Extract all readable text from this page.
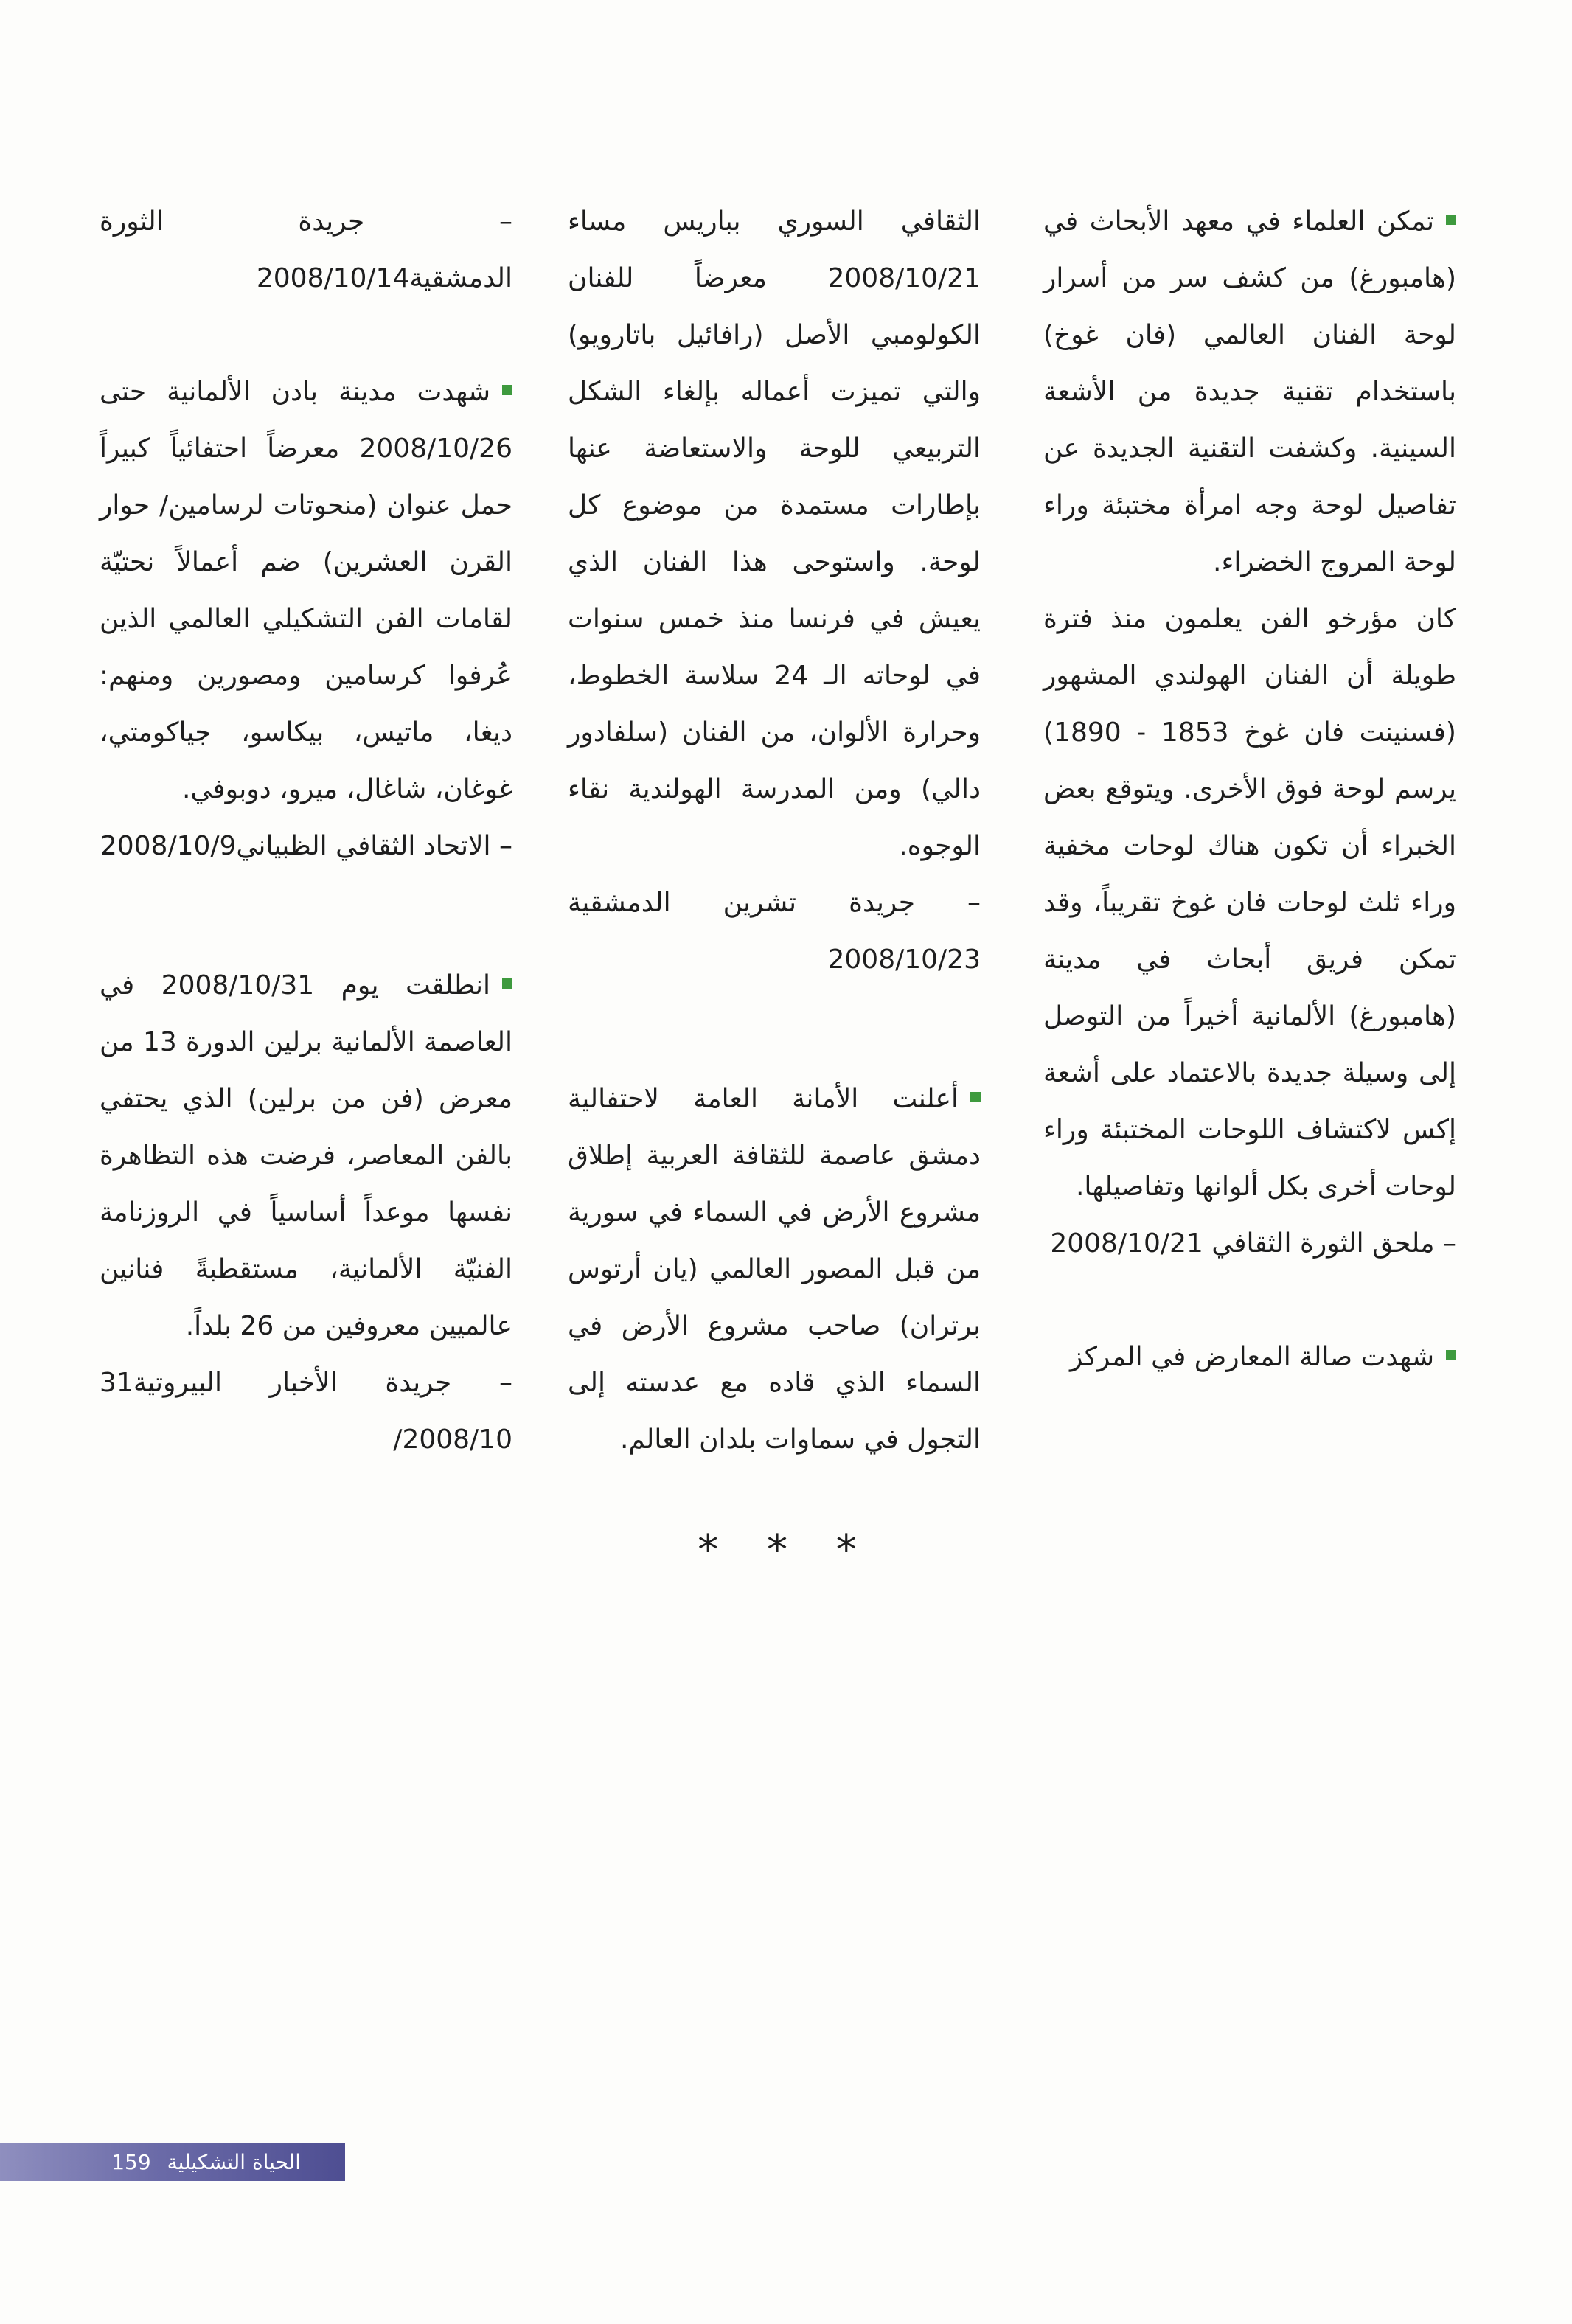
تمكن العلماء في معهد الأبحاث في (هامبورغ) من كشف سر من أسرار لوحة الفنان العالمي (فان غوخ) باستخدام تقنية جديدة من الأشعة السينية. وكشفت التقنية الجديدة عن تفاصيل لوحة وجه امرأة مختبئة وراء لوحة المروج الخضراء.

كان مؤرخو الفن يعلمون منذ فترة طويلة أن الفنان الهولندي المشهور (فسنينت فان غوخ 1853 - 1890) يرسم لوحة فوق الأخرى. ويتوقع بعض الخبراء أن تكون هناك لوحات مخفية وراء ثلث لوحات فان غوخ تقريباً، وقد تمكن فريق أبحاث في مدينة (هامبورغ) الألمانية أخيراً من التوصل إلى وسيلة جديدة بالاعتماد على أشعة إكس لاكتشاف اللوحات المختبئة وراء لوحات أخرى بكل ألوانها وتفاصيلها.

– ملحق الثورة الثقافي 2008/10/21

شهدت صالة المعارض في المركز

الثقافي السوري بباريس مساء 2008/10/21 معرضاً للفنان الكولومبي الأصل (رافائيل باتارويو) والتي تميزت أعماله بإلغاء الشكل التربيعي للوحة والاستعاضة عنها بإطارات مستمدة من موضوع كل لوحة. واستوحى هذا الفنان الذي يعيش في فرنسا منذ خمس سنوات في لوحاته الـ 24 سلاسة الخطوط، وحرارة الألوان، من الفنان (سلفادور دالي) ومن المدرسة الهولندية نقاء الوجوه.

– جريدة تشرين الدمشقية 2008/10/23

أعلنت الأمانة العامة لاحتفالية دمشق عاصمة للثقافة العربية إطلاق مشروع الأرض في السماء في سورية من قبل المصور العالمي (يان أرتوس برتران) صاحب مشروع الأرض في السماء الذي قاده مع عدسته إلى التجول في سماوات بلدان العالم.

– جريدة الثورة الدمشقية2008/10/14

شهدت مدينة بادن الألمانية حتى 2008/10/26 معرضاً احتفائياً كبيراً حمل عنوان (منحوتات لرسامين/ حوار القرن العشرين) ضم أعمالاً نحتيّة لقامات الفن التشكيلي العالمي الذين عُرفوا كرسامين ومصورين ومنهم: ديغا، ماتيس، بيكاسو، جياكومتي، غوغان، شاغال، ميرو، دوبوفي.

– الاتحاد الثقافي الظبياني2008/10/9

انطلقت يوم 2008/10/31 في العاصمة الألمانية برلين الدورة 13 من معرض (فن من برلين) الذي يحتفي بالفن المعاصر، فرضت هذه التظاهرة نفسها موعداً أساسياً في الروزنامة الفنيّة الألمانية، مستقطبةً فنانين عالميين معروفين من 26 بلداً.

– جريدة الأخبار البيروتية31 2008/10/

* * *
الحياة التشكيلية
159
